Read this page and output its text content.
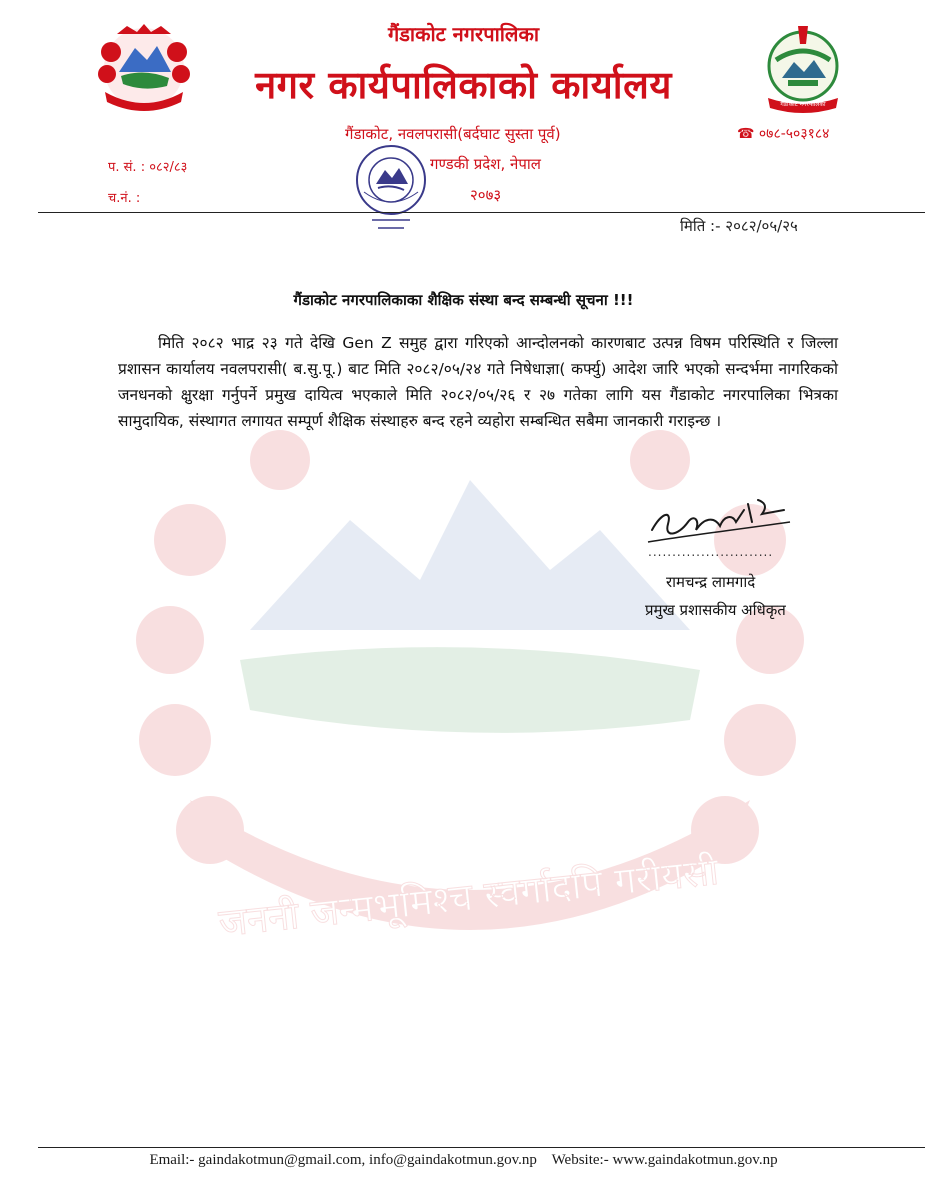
जननी जन्मभूमिश्च स्वर्गादपि गरीयसी
गैंडाकोट नगरपालिका
गैंडाकोट नगरपालिका
नगर कार्यपालिकाको कार्यालय
गैंडाकोट, नवलपरासी(बर्दघाट सुस्ता पूर्व)	☎ ०७८-५०३१८४
गण्डकी प्रदेश, नेपाल
२०७३
प. सं. : ०८२/८३
च.नं. :
मिति :- २०८२/०५/२५
गैंडाकोट नगरपालिकाका शैक्षिक संस्था बन्द सम्बन्धी सूचना !!!
मिति २०८२ भाद्र २३ गते देखि Gen Z समुह द्वारा गरिएको आन्दोलनको कारणबाट उत्पन्न विषम परिस्थिति र जिल्ला प्रशासन कार्यालय नवलपरासी( ब.सु.पू.) बाट मिति २०८२/०५/२४ गते निषेधाज्ञा( कर्फ्यु) आदेश जारि भएको सन्दर्भमा नागरिकको जनधनको क्षुरक्षा गर्नुपर्ने प्रमुख दायित्व भएकाले मिति २०८२/०५/२६ र २७ गतेका लागि यस गैंडाकोट नगरपालिका भित्रका सामुदायिक, संस्थागत लगायत सम्पूर्ण शैक्षिक संस्थाहरु बन्द रहने व्यहोरा सम्बन्धित सबैमा जानकारी गराइन्छ ।
..........................
रामचन्द्र लामगादे
प्रमुख प्रशासकीय अधिकृत
Email:- gaindakotmun@gmail.com, info@gaindakotmun.gov.np    Website:- www.gaindakotmun.gov.np
